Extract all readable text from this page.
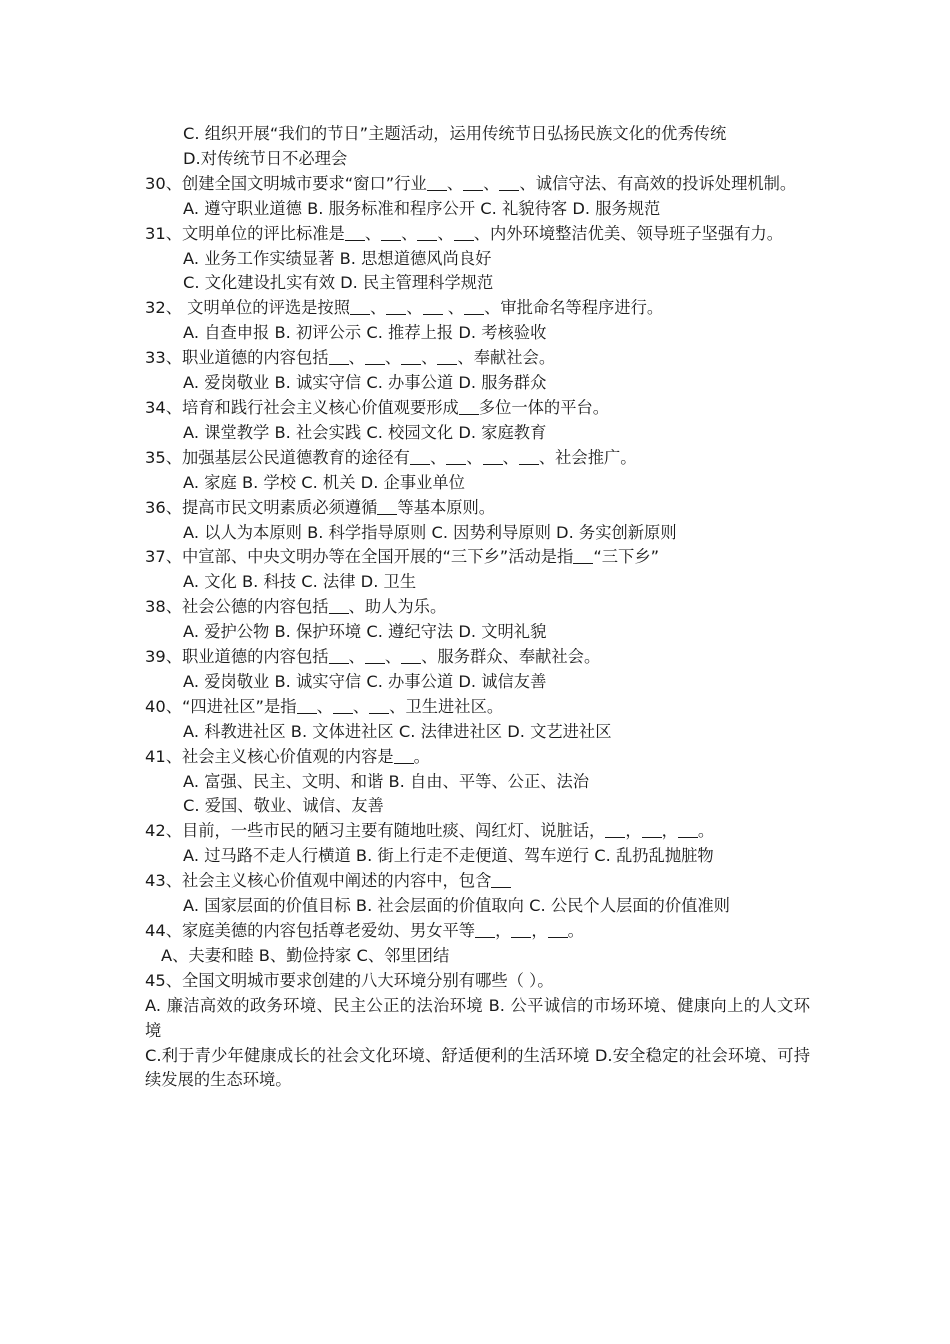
C. 组织开展“我们的节日”主题活动，运用传统节日弘扬民族文化的优秀传统

D.对传统节日不必理会

30、创建全国文明城市要求“窗口”行业 、 、 、诚信守法、有高效的投诉处理机制。

A. 遵守职业道德 B. 服务标准和程序公开 C. 礼貌待客 D. 服务规范

31、文明单位的评比标准是 、 、 、 、内外环境整洁优美、领导班子坚强有力。

A. 业务工作实绩显著 B. 思想道德风尚良好

C. 文化建设扎实有效 D. 民主管理科学规范

32、 文明单位的评选是按照 、 、 、 、审批命名等程序进行。

A. 自查申报 B. 初评公示 C. 推荐上报 D. 考核验收

33、职业道德的内容包括 、 、 、 、奉献社会。

A. 爱岗敬业 B. 诚实守信 C. 办事公道 D. 服务群众

34、培育和践行社会主义核心价值观要形成 多位一体的平台。

A. 课堂教学 B. 社会实践 C. 校园文化 D. 家庭教育

35、加强基层公民道德教育的途径有 、 、 、 、社会推广。

A. 家庭 B. 学校 C. 机关 D. 企事业单位

36、提高市民文明素质必须遵循 等基本原则。

A. 以人为本原则 B. 科学指导原则 C. 因势利导原则 D. 务实创新原则

37、中宣部、中央文明办等在全国开展的“三下乡”活动是指 “三下乡”

A. 文化 B. 科技 C. 法律 D. 卫生

38、社会公德的内容包括 、助人为乐。

A. 爱护公物 B. 保护环境 C. 遵纪守法 D. 文明礼貌

39、职业道德的内容包括 、 、 、服务群众、奉献社会。

A. 爱岗敬业 B. 诚实守信 C. 办事公道 D. 诚信友善

40、“四进社区”是指 、 、 、卫生进社区。

A. 科教进社区 B. 文体进社区 C. 法律进社区 D. 文艺进社区

41、社会主义核心价值观的内容是 。

A. 富强、民主、文明、和谐 B. 自由、平等、公正、法治

C. 爱国、敬业、诚信、友善

42、目前，一些市民的陋习主要有随地吐痰、闯红灯、说脏话， ， ， 。

A. 过马路不走人行横道 B. 街上行走不走便道、驾车逆行 C. 乱扔乱抛脏物

43、社会主义核心价值观中阐述的内容中，包含

A. 国家层面的价值目标 B. 社会层面的价值取向 C. 公民个人层面的价值准则

44、家庭美德的内容包括尊老爱幼、男女平等 ， ， 。

A、夫妻和睦 B、勤俭持家 C、邻里团结

45、全国文明城市要求创建的八大环境分别有哪些（ ）。

A. 廉洁高效的政务环境、民主公正的法治环境 B. 公平诚信的市场环境、健康向上的人文环境

C.利于青少年健康成长的社会文化环境、舒适便利的生活环境 D.安全稳定的社会环境、可持续发展的生态环境。
